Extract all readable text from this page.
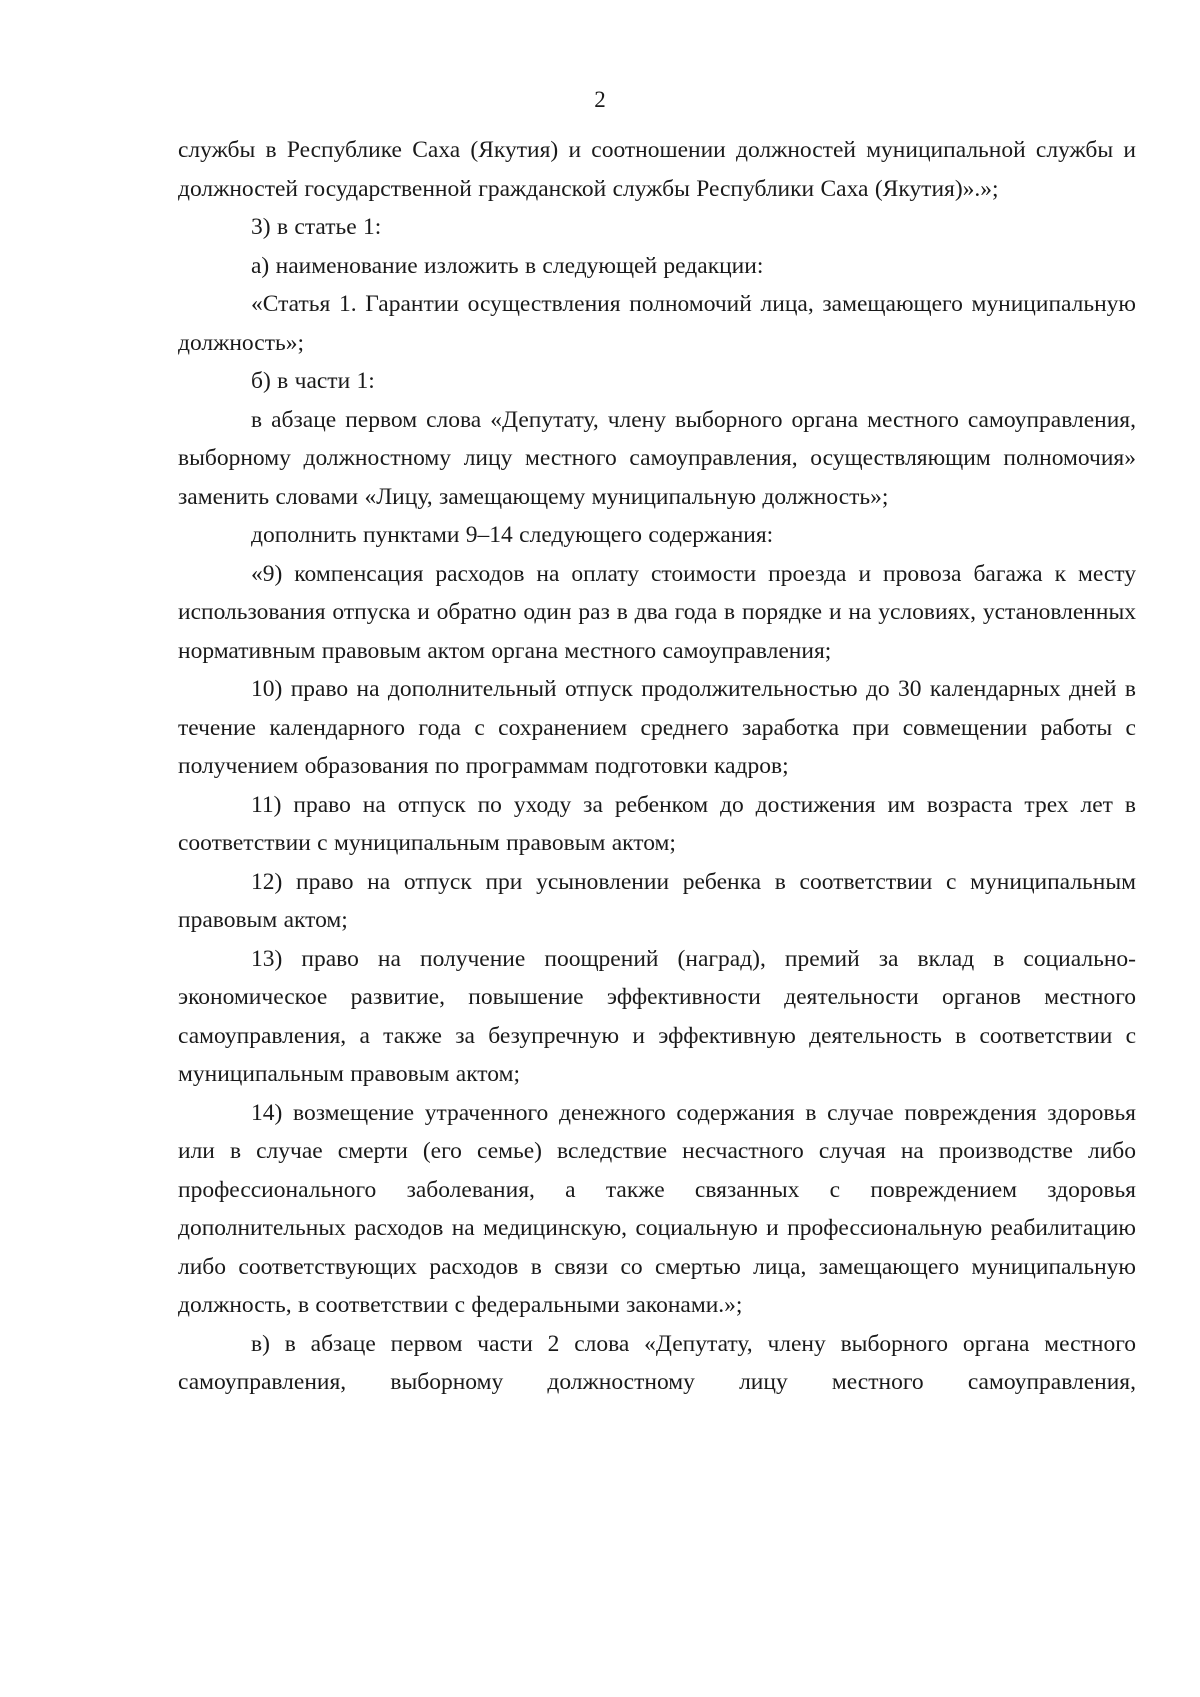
2

службы в Республике Саха (Якутия) и соотношении должностей муниципальной службы и должностей государственной гражданской службы Республики Саха (Якутия)».»;

3) в статье 1:

а) наименование изложить в следующей редакции:

«Статья 1. Гарантии осуществления полномочий лица, замещающего муниципальную должность»;

б) в части 1:

в абзаце первом слова «Депутату, члену выборного органа местного самоуправления, выборному должностному лицу местного самоуправления, осуществляющим полномочия» заменить словами «Лицу, замещающему муниципальную должность»;

дополнить пунктами 9–14 следующего содержания:

«9) компенсация расходов на оплату стоимости проезда и провоза багажа к месту использования отпуска и обратно один раз в два года в порядке и на условиях, установленных нормативным правовым актом органа местного самоуправления;

10) право на дополнительный отпуск продолжительностью до 30 календарных дней в течение календарного года с сохранением среднего заработка при совмещении работы с получением образования по программам подготовки кадров;

11) право на отпуск по уходу за ребенком до достижения им возраста трех лет в соответствии с муниципальным правовым актом;

12) право на отпуск при усыновлении ребенка в соответствии с муниципальным правовым актом;

13) право на получение поощрений (наград), премий за вклад в социально-экономическое развитие, повышение эффективности деятельности органов местного самоуправления, а также за безупречную и эффективную деятельность в соответствии с муниципальным правовым актом;

14) возмещение утраченного денежного содержания в случае повреждения здоровья или в случае смерти (его семье) вследствие несчастного случая на производстве либо профессионального заболевания, а также связанных с повреждением здоровья дополнительных расходов на медицинскую, социальную и профессиональную реабилитацию либо соответствующих расходов в связи со смертью лица, замещающего муниципальную должность, в соответствии с федеральными законами.»;

в) в абзаце первом части 2 слова «Депутату, члену выборного органа местного самоуправления, выборному должностному лицу местного самоуправления,
